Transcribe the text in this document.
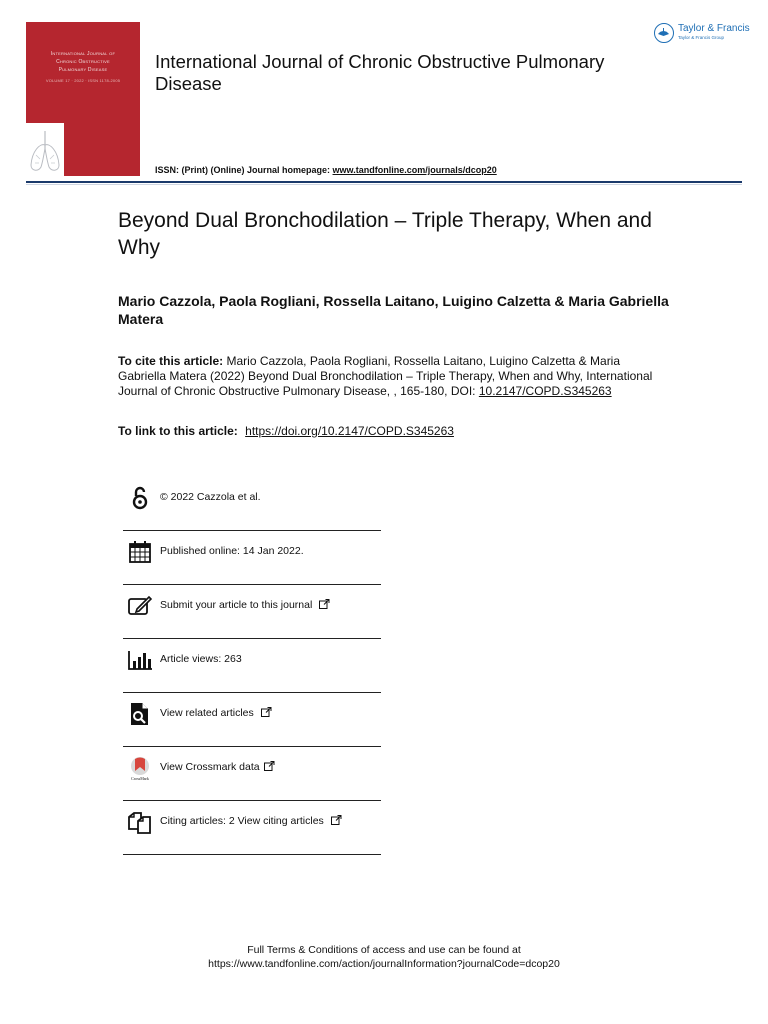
International Journal of
Chronic Obstructive
Pulmonary Disease
VOLUME 17 · 2022 · ISSN 1178-2005
International Journal of Chronic Obstructive Pulmonary Disease
ISSN: (Print) (Online) Journal homepage: www.tandfonline.com/journals/dcop20
Taylor & Francis
Taylor & Francis Group
Beyond Dual Bronchodilation – Triple Therapy, When and Why
Mario Cazzola, Paola Rogliani, Rossella Laitano, Luigino Calzetta & Maria Gabriella Matera
To cite this article: Mario Cazzola, Paola Rogliani, Rossella Laitano, Luigino Calzetta & Maria Gabriella Matera (2022) Beyond Dual Bronchodilation – Triple Therapy, When and Why, International Journal of Chronic Obstructive Pulmonary Disease, , 165-180, DOI: 10.2147/COPD.S345263
To link to this article: https://doi.org/10.2147/COPD.S345263
© 2022 Cazzola et al.
Published online: 14 Jan 2022.
Submit your article to this journal
Article views: 263
View related articles
CrossMark
View Crossmark data
Citing articles: 2 View citing articles
Full Terms & Conditions of access and use can be found at
https://www.tandfonline.com/action/journalInformation?journalCode=dcop20
